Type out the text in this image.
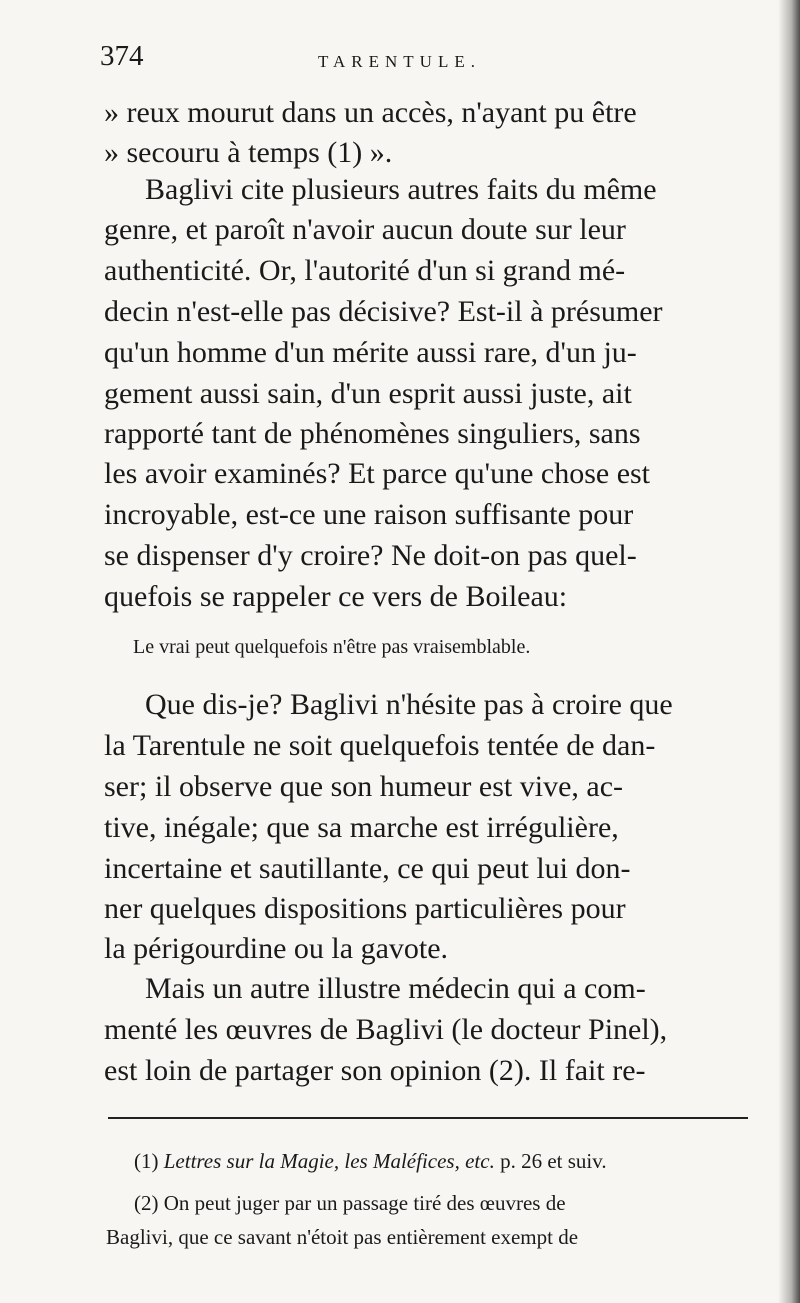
374	TARENTULE.
» reux mourut dans un accès, n'ayant pu être
» secouru à temps (1) ».
Baglivi cite plusieurs autres faits du même
genre, et paroît n'avoir aucun doute sur leur
authenticité. Or, l'autorité d'un si grand mé-
decin n'est-elle pas décisive? Est-il à présumer
qu'un homme d'un mérite aussi rare, d'un ju-
gement aussi sain, d'un esprit aussi juste, ait
rapporté tant de phénomènes singuliers, sans
les avoir examinés? Et parce qu'une chose est
incroyable, est-ce une raison suffisante pour
se dispenser d'y croire? Ne doit-on pas quel-
quefois se rappeler ce vers de Boileau:
Le vrai peut quelquefois n'être pas vraisemblable.
Que dis-je? Baglivi n'hésite pas à croire que
la Tarentule ne soit quelquefois tentée de dan-
ser; il observe que son humeur est vive, ac-
tive, inégale; que sa marche est irrégulière,
incertaine et sautillante, ce qui peut lui don-
ner quelques dispositions particulières pour
la périgourdine ou la gavote.
Mais un autre illustre médecin qui a com-
menté les œuvres de Baglivi (le docteur Pinel),
est loin de partager son opinion (2). Il fait re-
(1) Lettres sur la Magie, les Maléfices, etc. p. 26 et suiv.
(2) On peut juger par un passage tiré des œuvres de
Baglivi, que ce savant n'étoit pas entièrement exempt de
